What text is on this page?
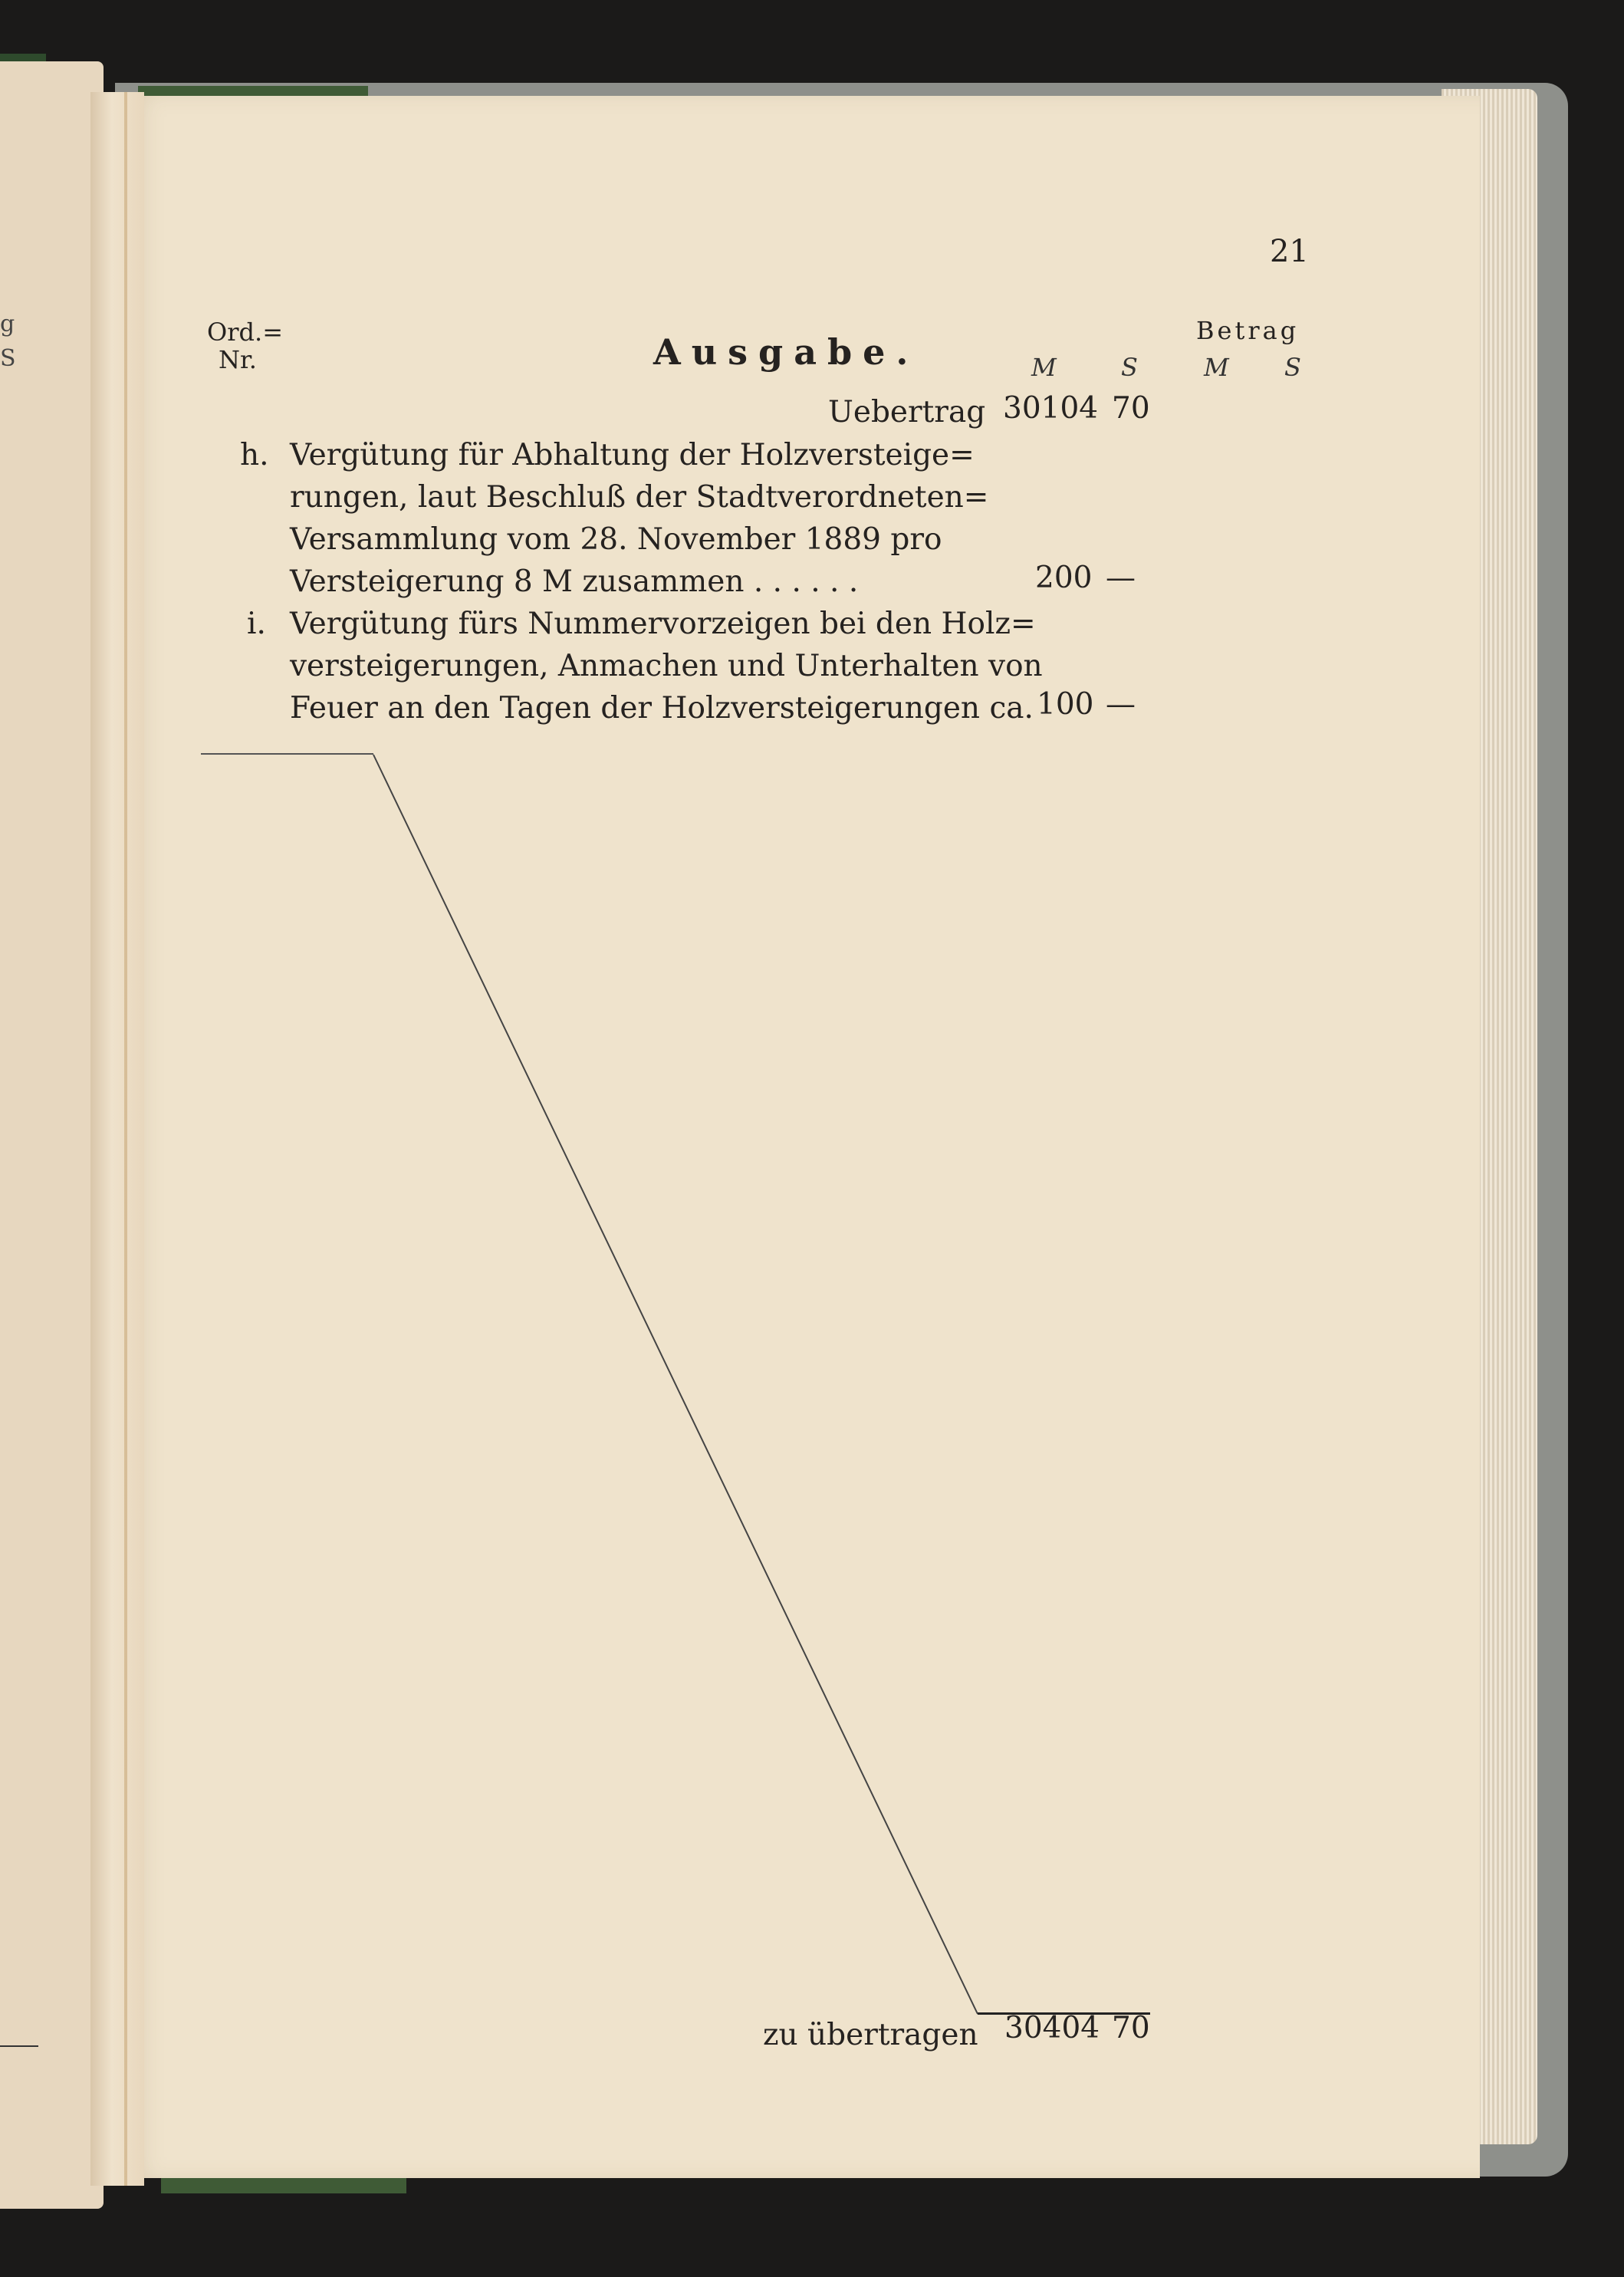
g
S
21
Ord.=
Nr.	Ausgabe.
Betrag
M	S	M S
Uebertrag 30104 70
h. Vergütung für Abhaltung der Holzversteige=
rungen, laut Beschluß der Stadtverordneten=
Versammlung vom 28. November 1889 pro
Versteigerung 8 M zusammen . . . . . .	200 —
i. Vergütung fürs Nummervorzeigen bei den Holz=
versteigerungen, Anmachen und Unterhalten von
Feuer an den Tagen der Holzversteigerungen ca. 100 —
zu übertragen 30404 70
